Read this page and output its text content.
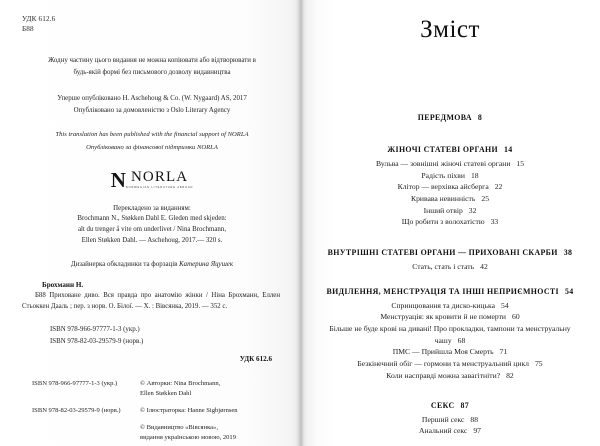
УДК 612.6
Б88
Жодну частину цього видання не можна копіювати або відтворювати в будь-якій формі без письмового дозволу видавництва
Уперше опубліковано H. Aschehoug & Co. (W. Nygaard) AS, 2017
Опубліковано за домовленістю з Oslo Literary Agency
This translation has been published with the financial support of NORLA
Опубліковано за фінансової підтримки NORLA
N NORLA
NORWEGIAN LITERATURE ABROAD
Перекладено за виданням:
Brochmann N., Støkken Dahl E. Gleden med skjeden:
alt du trenger å vite om underlivet / Nina Brochmann,
Ellen Støkken Dahl. — Aschehoug, 2017.— 320 s.
Дизайнерка обкладинки та форзаців Катерина Яцушек
Брохманн Н.
Б88 Приховане диво. Вся правда про анатомію жінки / Ніна Брохманн, Еллен Стьоккен Дааль ; пер. з норв. О. Білої. — Х. : Вівсянка, 2019. — 352 с.
ISBN 978-966-97777-1-3 (укр.)
ISBN 978-82-03-29579-9 (норв.)
УДК 612.6
ISBN 978-966-97777-1-3 (укр.)	© Авторки: Nina Brochmann,
Ellen Støkken Dahl
ISBN 978-82-03-29579-9 (норв.)	© Ілюстраторка: Hanne Sigbjørnsen
© Видавництво «Вівсянка»,
видання українською мовою, 2019
Зміст
ПЕРЕДМОВА 8
ЖІНОЧІ СТАТЕВІ ОРГАНИ 14
Вульва — зовнішні жіночі статеві органи 15
Радість піхви 18
Клітор — верхівка айсберга 22
Кривава невинність 25
Інший отвір 32
Що робити з волохатістю 33
ВНУТРІШНІ СТАТЕВІ ОРГАНИ — ПРИХОВАНІ СКАРБИ 38
Стать, стать і стать 42
ВИДІЛЕННЯ, МЕНСТРУАЦІЯ ТА ІНШІ НЕПРИЄМНОСТІ 54
Спринцювання та диско-кицька 54
Менструація: як кровити й не померти 60
Більше не буде крові на дивані! Про прокладки, тампони та менструальну чашу 68
ПМС — Прийшла Моя Смерть 71
Безкінечний обіг — гормони та менструальний цикл 75
Коли насправді можна завагітніти? 82
СЕКС 87
Перший секс 88
Анальний секс 97
